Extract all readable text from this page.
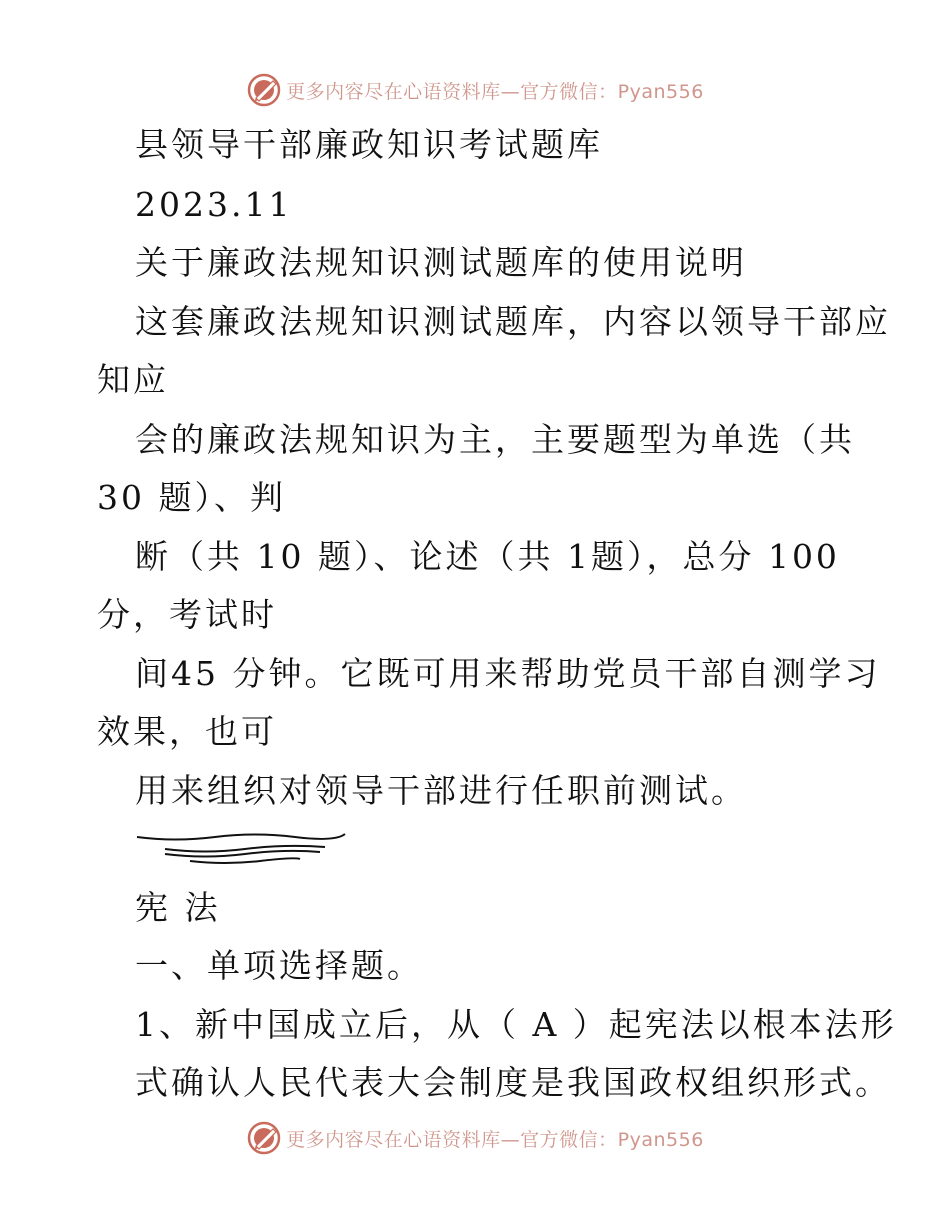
更多内容尽在心语资料库—官方微信：Pyan556
县领导干部廉政知识考试题库
2023.11
关于廉政法规知识测试题库的使用说明
这套廉政法规知识测试题库，内容以领导干部应
知应
会的廉政法规知识为主，主要题型为单选（共
30 题）、判
断（共 10 题）、论述（共 1题），总分 100
分，考试时
间45 分钟。它既可用来帮助党员干部自测学习
效果，也可
用来组织对领导干部进行任职前测试。
宪 法
一、单项选择题。
1、新中国成立后，从（ A ）起宪法以根本法形
式确认人民代表大会制度是我国政权组织形式。
更多内容尽在心语资料库—官方微信：Pyan556
